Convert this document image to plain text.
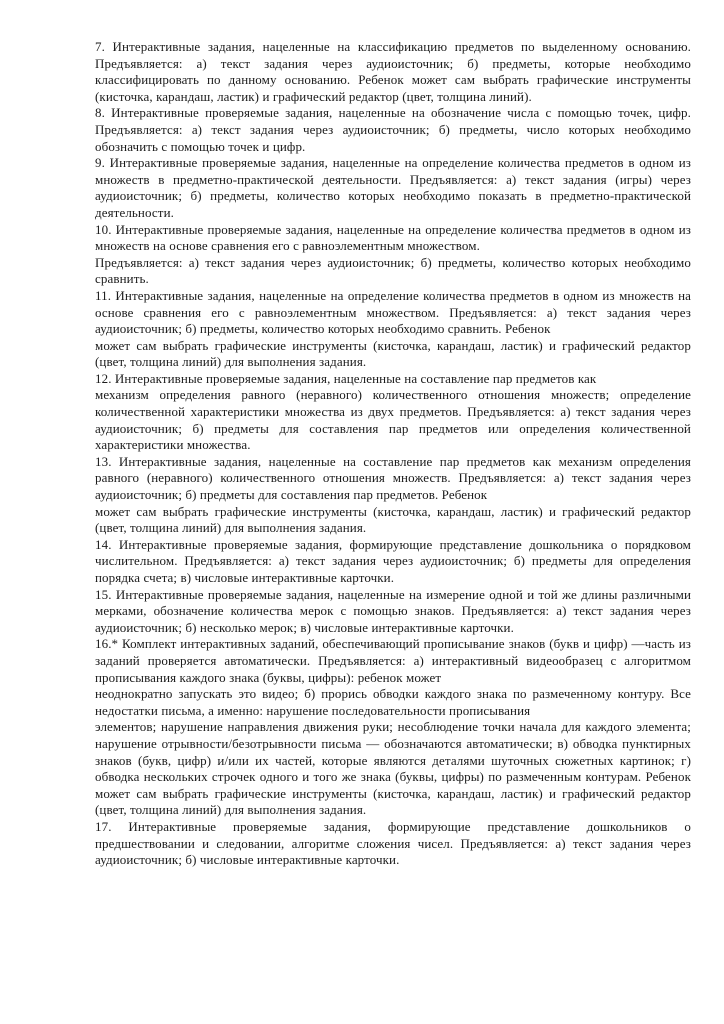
7. Интерактивные задания, нацеленные на классификацию предметов по выделенному основанию. Предъявляется: а) текст задания через аудиоисточник; б) предметы, которые необходимо классифицировать по данному основанию. Ребенок может сам выбрать графические инструменты (кисточка, карандаш, ластик) и графический редактор (цвет, толщина линий).

8. Интерактивные проверяемые задания, нацеленные на обозначение числа с помощью точек, цифр. Предъявляется: а) текст задания через аудиоисточник; б) предметы, число которых необходимо обозначить с помощью точек и цифр.

9. Интерактивные проверяемые задания, нацеленные на определение количества предметов в одном из множеств в предметно-практической деятельности. Предъявляется: а) текст задания (игры) через аудиоисточник; б) предметы, количество которых необходимо показать в предметно-практической деятельности.

10. Интерактивные проверяемые задания, нацеленные на определение количества предметов в одном из множеств на основе сравнения его с равноэлементным множеством.

Предъявляется: а) текст задания через аудиоисточник; б) предметы, количество которых необходимо сравнить.

11. Интерактивные задания, нацеленные на определение количества предметов в одном из множеств на основе сравнения его с равноэлементным множеством. Предъявляется: а) текст задания через аудиоисточник; б) предметы, количество которых необходимо сравнить. Ребенок

может сам выбрать графические инструменты (кисточка, карандаш, ластик) и графический редактор (цвет, толщина линий) для выполнения задания.

12. Интерактивные проверяемые задания, нацеленные на составление пар предметов как

механизм определения равного (неравного) количественного отношения множеств; определение количественной характеристики множества из двух предметов. Предъявляется: а) текст задания через аудиоисточник; б) предметы для составления пар предметов или определения количественной характеристики множества.

13. Интерактивные задания, нацеленные на составление пар предметов как механизм определения равного (неравного) количественного отношения множеств. Предъявляется: а) текст задания через аудиоисточник; б) предметы для составления пар предметов. Ребенок

может сам выбрать графические инструменты (кисточка, карандаш, ластик) и графический редактор (цвет, толщина линий) для выполнения задания.

14. Интерактивные проверяемые задания, формирующие представление дошкольника о порядковом числительном. Предъявляется: а) текст задания через аудиоисточник; б) предметы для определения порядка счета; в) числовые интерактивные карточки.

15. Интерактивные проверяемые задания, нацеленные на измерение одной и той же длины различными мерками, обозначение количества мерок с помощью знаков. Предъявляется: а) текст задания через аудиоисточник; б) несколько мерок; в) числовые интерактивные карточки.

16.* Комплект интерактивных заданий, обеспечивающий прописывание знаков (букв и цифр) —часть из заданий проверяется автоматически. Предъявляется: а) интерактивный видеообразец с алгоритмом прописывания каждого знака (буквы, цифры): ребенок может

неоднократно запускать это видео; б) прорись обводки каждого знака по размеченному контуру. Все недостатки письма, а именно: нарушение последовательности прописывания

элементов; нарушение направления движения руки; несоблюдение точки начала для каждого элемента; нарушение отрывности/безотрывности письма — обозначаются автоматически; в) обводка пунктирных знаков (букв, цифр) и/или их частей, которые являются деталями шуточных сюжетных картинок; г) обводка нескольких строчек одного и того же знака (буквы, цифры) по размеченным контурам. Ребенок может сам выбрать графические инструменты (кисточка, карандаш, ластик) и графический редактор (цвет, толщина линий) для выполнения задания.

17. Интерактивные проверяемые задания, формирующие представление дошкольников о предшествовании и следовании, алгоритме сложения чисел. Предъявляется: а) текст задания через аудиоисточник; б) числовые интерактивные карточки.
